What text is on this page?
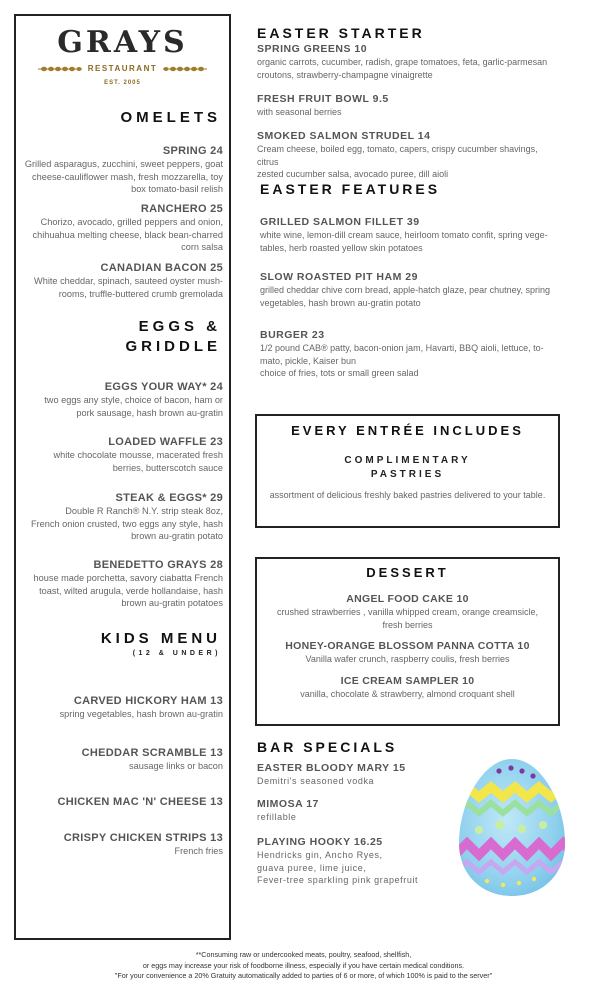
GRAYS
RESTAURANT
EST. 2005
OMELETS
SPRING 24
Grilled asparagus, zucchini, sweet peppers, goat
cheese-cauliflower mash, fresh mozzarella, toy
box tomato-basil relish
RANCHERO 25
Chorizo, avocado, grilled peppers and onion,
chihuahua melting cheese, black bean-charred
corn salsa
CANADIAN BACON 25
White cheddar, spinach, sauteed oyster mush-
rooms, truffle-buttered crumb gremolada
EGGS &
GRIDDLE
EGGS YOUR WAY* 24
two eggs any style, choice of bacon, ham or
pork sausage, hash brown au-gratin
LOADED WAFFLE 23
white chocolate mousse, macerated fresh
berries, butterscotch sauce
STEAK & EGGS* 29
Double R Ranch® N.Y. strip steak 8oz,
French onion crusted, two eggs any style, hash
brown au-gratin potato
BENEDETTO GRAYS 28
house made porchetta, savory ciabatta French
toast, wilted arugula, verde hollandaise, hash
brown au-gratin potatoes
KIDS MENU
(12 & UNDER)
CARVED HICKORY HAM 13
spring vegetables, hash brown au-gratin
CHEDDAR SCRAMBLE 13
sausage links or bacon
CHICKEN MAC 'N' CHEESE 13
CRISPY CHICKEN STRIPS 13
French fries
EASTER STARTER
SPRING GREENS 10
organic carrots, cucumber, radish, grape tomatoes, feta, garlic-parmesan
croutons, strawberry-champagne vinaigrette
FRESH FRUIT BOWL 9.5
with seasonal berries
SMOKED SALMON STRUDEL 14
Cream cheese, boiled egg, tomato, capers, crispy cucumber shavings, citrus
zested cucumber salsa, avocado puree, dill aioli
EASTER FEATURES
GRILLED SALMON FILLET 39
white wine, lemon-dill cream sauce, heirloom tomato confit, spring vege-
tables, herb roasted yellow skin potatoes
SLOW ROASTED PIT HAM 29
grilled cheddar chive corn bread, apple-hatch glaze, pear chutney, spring
vegetables, hash brown au-gratin potato
BURGER 23
1/2 pound CAB® patty, bacon-onion jam, Havarti, BBQ aioli, lettuce, to-
mato, pickle, Kaiser bun
choice of fries, tots or small green salad
EVERY ENTRÉE INCLUDES
COMPLIMENTARY
PASTRIES
assortment of delicious freshly baked pastries delivered to your table.
DESSERT
ANGEL FOOD CAKE 10
crushed strawberries , vanilla whipped cream, orange creamsicle,
fresh berries
HONEY-ORANGE BLOSSOM PANNA COTTA 10
Vanilla wafer crunch, raspberry coulis, fresh berries
ICE CREAM SAMPLER 10
vanilla, chocolate & strawberry, almond croquant shell
BAR SPECIALS
EASTER BLOODY MARY 15
Demitri's seasoned vodka
MIMOSA 17
refillable
PLAYING HOOKY 16.25
Hendricks gin, Ancho Ryes,
guava puree, lime juice,
Fever-tree sparkling pink grapefruit
**Consuming raw or undercooked meats, poultry, seafood, shellfish,
or eggs may increase your risk of foodborne illness, especially if you have certain medical conditions.
"For your convenience a 20% Gratuity automatically added to parties of 6 or more, of which 100% is paid to the server"
